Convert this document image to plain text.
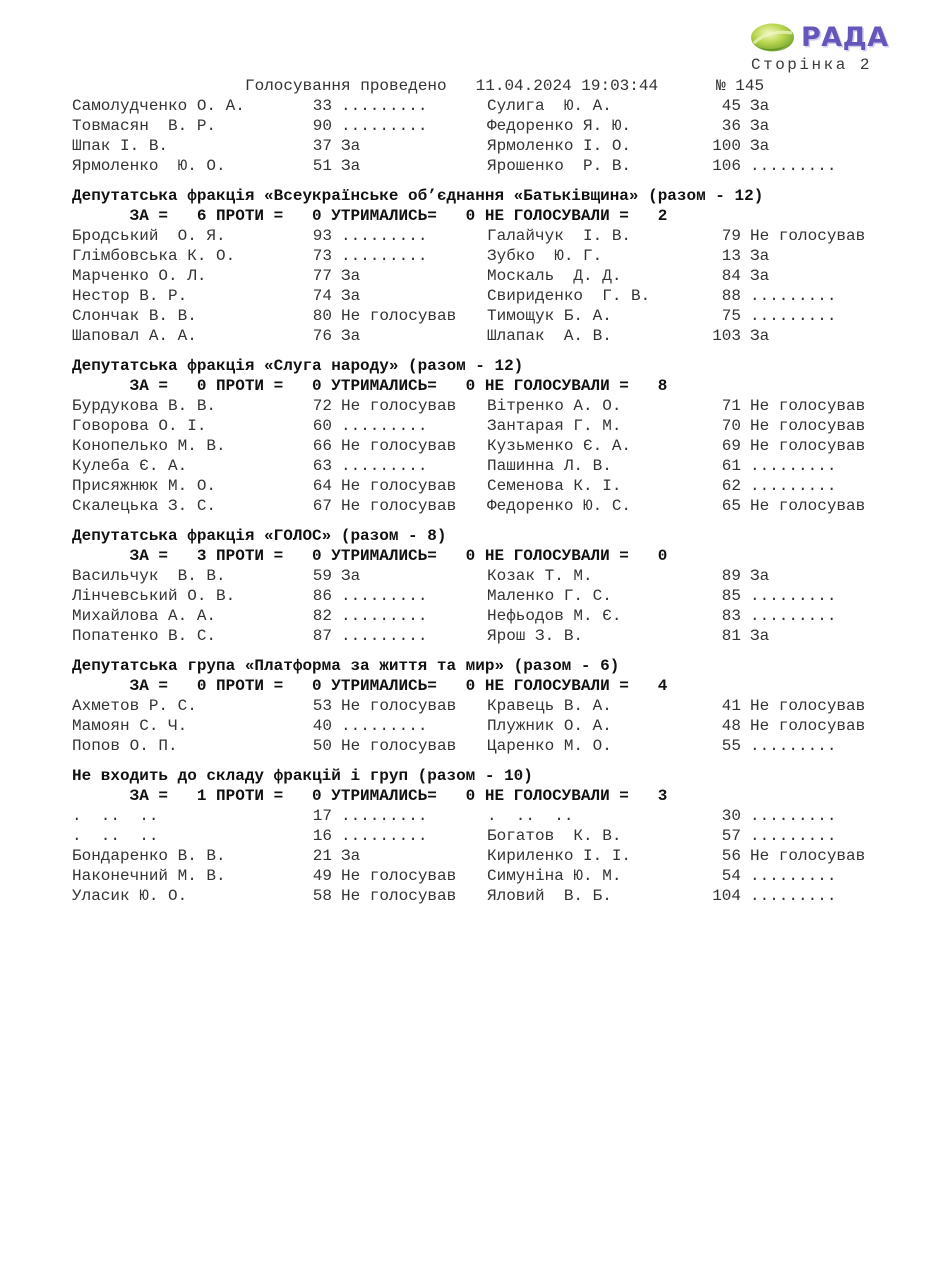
РАДА
Сторінка 2
Голосування проведено 11.04.2024 19:03:44	№ 145
Самолудченко О. А.	33 .........	Сулига  Ю. А.	45 За
Товмасян  В. Р.	90 .........	Федоренко Я. Ю.	36 За
Шпак І. В.	37 За	Ярмоленко І. О.	100 За
Ярмоленко  Ю. О.	51 За	Ярошенко  Р. В.	106 .........
Депутатська фракція «Всеукраїнське об’єднання «Батьківщина» (разом - 12)
ЗА =   6 ПРОТИ =   0 УТРИМАЛИСЬ=   0 НЕ ГОЛОСУВАЛИ =   2
Бродський  О. Я.	93 .........	Галайчук  І. В.	79 Не голосував
Глімбовська К. О.	73 .........	Зубко  Ю. Г.	13 За
Марченко О. Л.	77 За	Москаль  Д. Д.	84 За
Нестор В. Р.	74 За	Свириденко  Г. В.	88 .........
Слончак В. В.	80 Не голосував	Тимощук Б. А.	75 .........
Шаповал А. А.	76 За	Шлапак  А. В.	103 За
Депутатська фракція «Слуга народу» (разом - 12)
ЗА =   0 ПРОТИ =   0 УТРИМАЛИСЬ=   0 НЕ ГОЛОСУВАЛИ =   8
Бурдукова В. В.	72 Не голосував	Вітренко А. О.	71 Не голосував
Говорова О. І.	60 .........	Зантарая Г. М.	70 Не голосував
Конопелько М. В.	66 Не голосував	Кузьменко Є. А.	69 Не голосував
Кулеба Є. А.	63 .........	Пашинна Л. В.	61 .........
Присяжнюк М. О.	64 Не голосував	Семенова К. І.	62 .........
Скалецька З. С.	67 Не голосував	Федоренко Ю. С.	65 Не голосував
Депутатська фракція «ГОЛОС» (разом - 8)
ЗА =   3 ПРОТИ =   0 УТРИМАЛИСЬ=   0 НЕ ГОЛОСУВАЛИ =   0
Васильчук  В. В.	59 За	Козак Т. М.	89 За
Лінчевський О. В.	86 .........	Маленко Г. С.	85 .........
Михайлова А. А.	82 .........	Нефьодов М. Є.	83 .........
Попатенко В. С.	87 .........	Ярош З. В.	81 За
Депутатська група «Платформа за життя та мир» (разом - 6)
ЗА =   0 ПРОТИ =   0 УТРИМАЛИСЬ=   0 НЕ ГОЛОСУВАЛИ =   4
Ахметов Р. С.	53 Не голосував	Кравець В. А.	41 Не голосував
Мамоян С. Ч.	40 .........	Плужник О. А.	48 Не голосував
Попов О. П.	50 Не голосував	Царенко М. О.	55 .........
Не входить до складу фракцій і груп (разом - 10)
ЗА =   1 ПРОТИ =   0 УТРИМАЛИСЬ=   0 НЕ ГОЛОСУВАЛИ =   3
.  ..  ..	17 .........	.  ..  ..	30 .........
.  ..  ..	16 .........	Богатов  К. В.	57 .........
Бондаренко В. В.	21 За	Кириленко І. І.	56 Не голосував
Наконечний М. В.	49 Не голосував	Симуніна Ю. М.	54 .........
Уласик Ю. О.	58 Не голосував	Яловий  В. Б.	104 .........
